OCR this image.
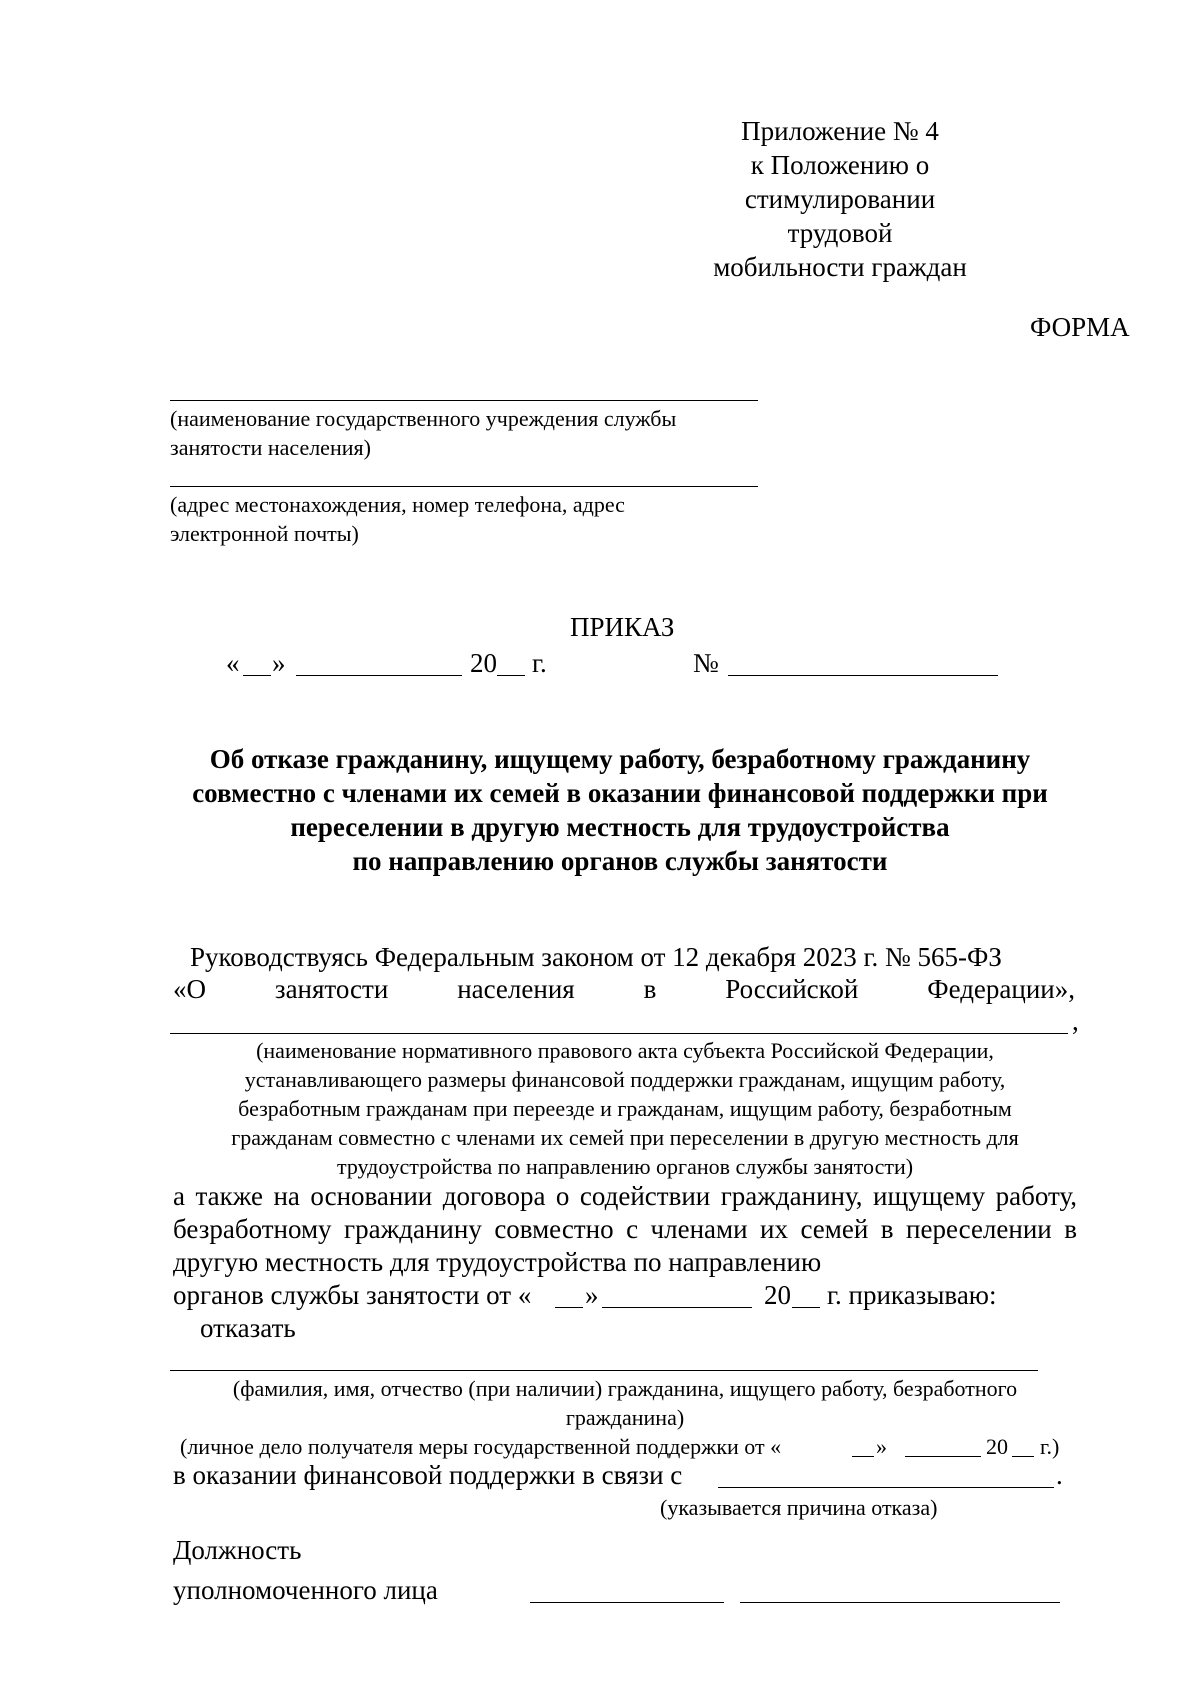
Приложение № 4
к Положению о
стимулировании трудовой
мобильности граждан
ФОРМА
(наименование государственного учреждения службы
занятости населения)
(адрес местонахождения, номер телефона, адрес
электронной почты)
ПРИКАЗ
« »	20 г.	№
Об отказе гражданину, ищущему работу, безработному гражданину
совместно с членами их семей в оказании финансовой поддержки при
переселении в другую местность для трудоустройства
по направлению органов службы занятости
Руководствуясь Федеральным законом от 12 декабря 2023 г. № 565-ФЗ
«О	занятости	населения	в	Российской	Федерации»,
,
(наименование нормативного правового акта субъекта Российской Федерации,
устанавливающего размеры финансовой поддержки гражданам, ищущим работу,
безработным гражданам при переезде и гражданам, ищущим работу, безработным
гражданам совместно с членами их семей при переселении в другую местность для
трудоустройства по направлению органов службы занятости)
а также на основании договора о содействии гражданину, ищущему работу, безработному гражданину совместно с членами их семей в переселении в другую местность для трудоустройства по направлению
органов службы занятости от « »	20 г. приказываю:
отказать
(фамилия, имя, отчество (при наличии) гражданина, ищущего работу, безработного
гражданина)
(личное дело получателя меры государственной поддержки от «	»	20 г.)
в оказании финансовой поддержки в связи с	.
(указывается причина отказа)
Должность
уполномоченного лица
